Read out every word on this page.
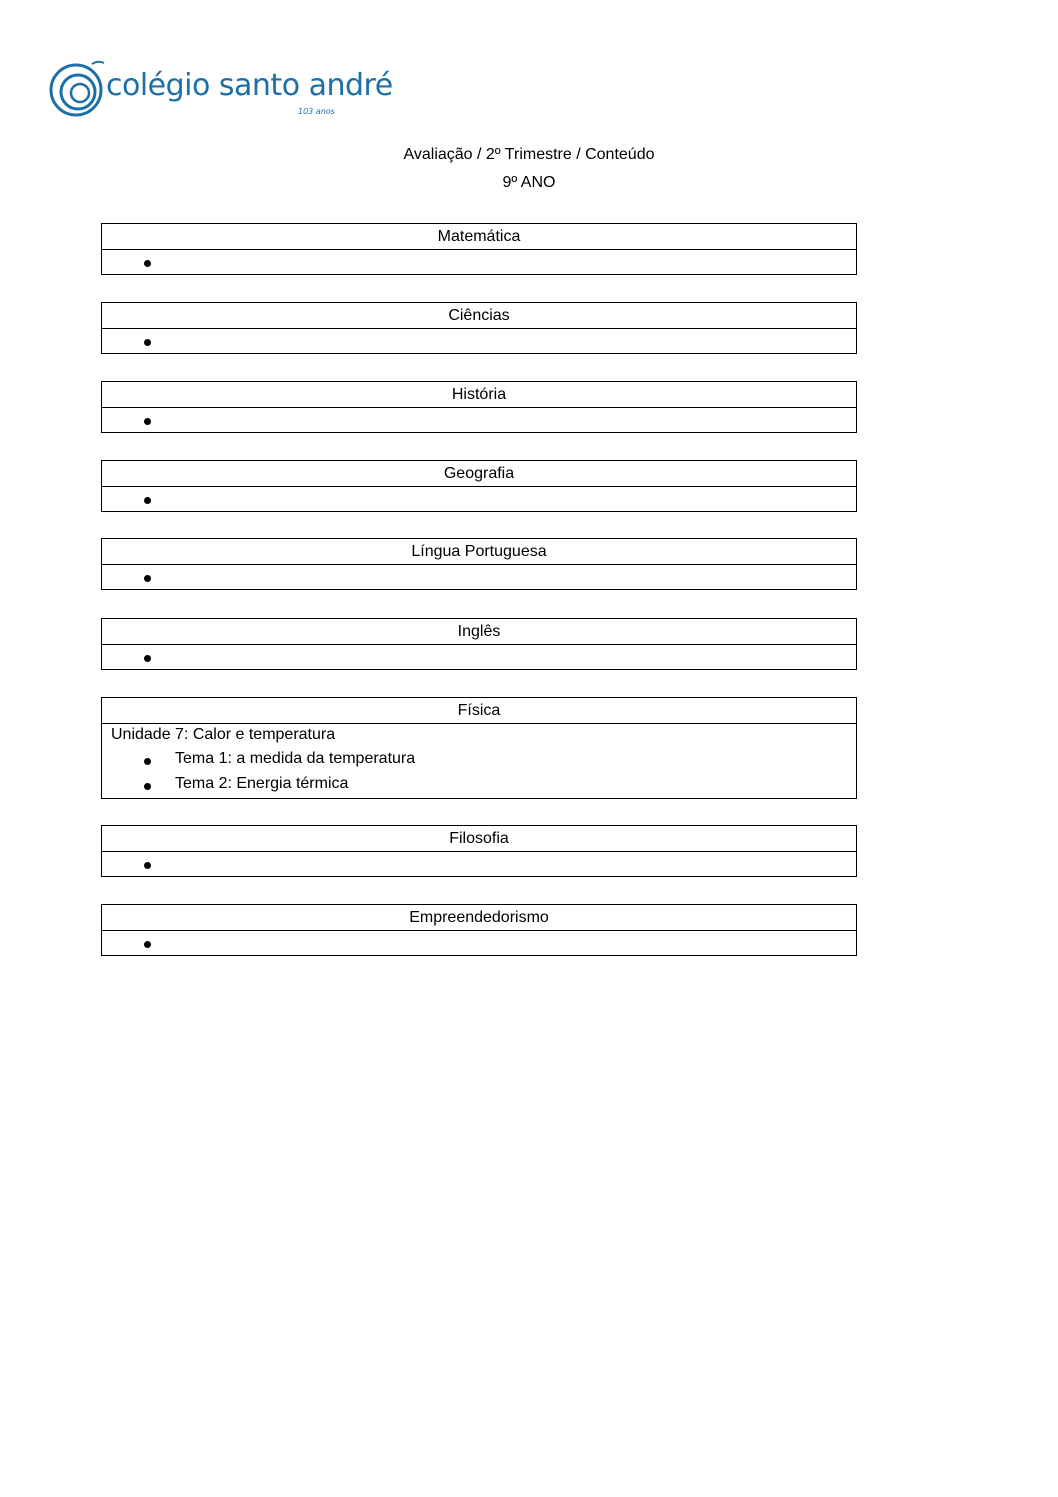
colégio santo andré
103 anos
Avaliação / 2º Trimestre / Conteúdo
9º ANO
Matemática
Ciências
História
Geografia
Língua Portuguesa
Inglês
Física
Unidade 7: Calor e temperatura
Tema 1: a medida da temperatura
Tema 2: Energia térmica
Filosofia
Empreendedorismo
